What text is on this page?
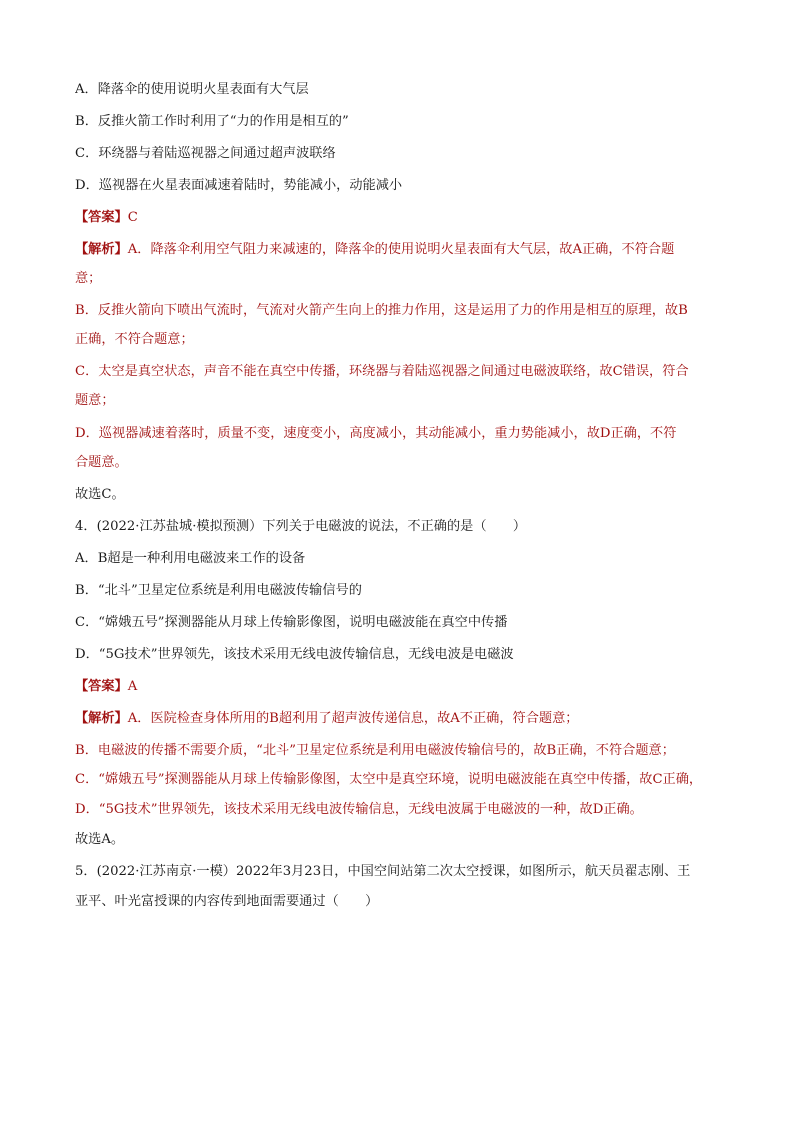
A．降落伞的使用说明火星表面有大气层
B．反推火箭工作时利用了“力的作用是相互的”
C．环绕器与着陆巡视器之间通过超声波联络
D．巡视器在火星表面减速着陆时，势能减小，动能减小
【答案】C
【解析】A．降落伞利用空气阻力来减速的，降落伞的使用说明火星表面有大气层，故A正确，不符合题
意；
B．反推火箭向下喷出气流时，气流对火箭产生向上的推力作用，这是运用了力的作用是相互的原理，故B
正确，不符合题意；
C．太空是真空状态，声音不能在真空中传播，环绕器与着陆巡视器之间通过电磁波联络，故C错误，符合
题意；
D．巡视器减速着落时，质量不变，速度变小，高度减小，其动能减小，重力势能减小，故D正确，不符
合题意。
故选C。
4．(2022·江苏盐城·模拟预测）下列关于电磁波的说法，不正确的是（　　）
A．B超是一种利用电磁波来工作的设备
B．“北斗”卫星定位系统是利用电磁波传输信号的
C．“嫦娥五号”探测器能从月球上传输影像图，说明电磁波能在真空中传播
D．“5G技术”世界领先，该技术采用无线电波传输信息，无线电波是电磁波
【答案】A
【解析】A．医院检查身体所用的B超利用了超声波传递信息，故A不正确，符合题意；
B．电磁波的传播不需要介质，“北斗”卫星定位系统是利用电磁波传输信号的，故B正确，不符合题意；
C．“嫦娥五号”探测器能从月球上传输影像图，太空中是真空环境，说明电磁波能在真空中传播，故C正确，
D．“5G技术”世界领先，该技术采用无线电波传输信息，无线电波属于电磁波的一种，故D正确。
故选A。
5．(2022·江苏南京·一模）2022年3月23日，中国空间站第二次太空授课，如图所示，航天员翟志刚、王
亚平、叶光富授课的内容传到地面需要通过（　　）
